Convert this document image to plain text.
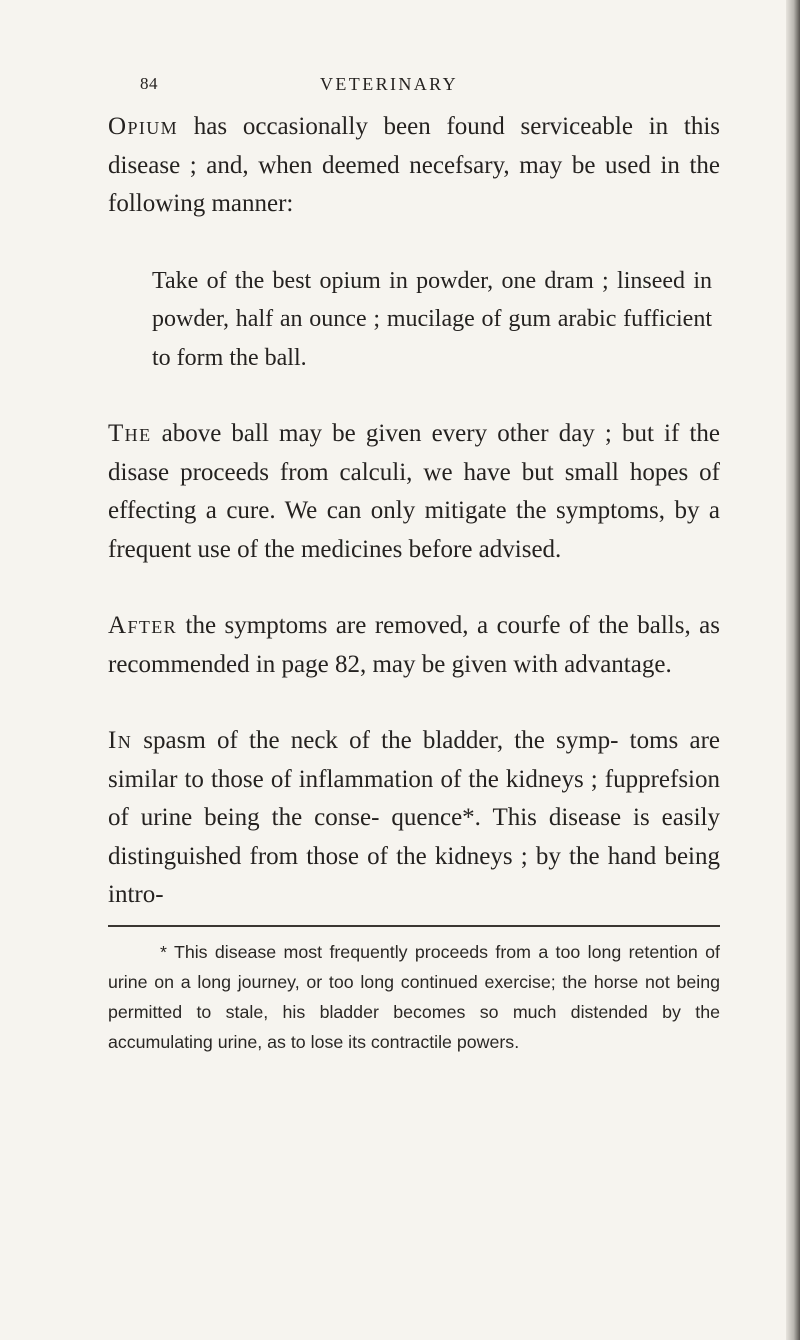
84	VETERINARY

Opium has occasionally been found serviceable in this disease ; and, when deemed necefsary, may be used in the following manner:

Take of the best opium in powder, one dram ; linseed in powder, half an ounce ; mucilage of gum arabic fufficient to form the ball.

The above ball may be given every other day ; but if the disase proceeds from calculi, we have but small hopes of effecting a cure. We can only mitigate the symptoms, by a frequent use of the medicines before advised.

After the symptoms are removed, a courfe of the balls, as recommended in page 82, may be given with advantage.

In spasm of the neck of the bladder, the symp- toms are similar to those of inflammation of the kidneys ; fupprefsion of urine being the conse- quence*. This disease is easily distinguished from those of the kidneys ; by the hand being intro-

* This disease most frequently proceeds from a too long retention of urine on a long journey, or too long continued exercise; the horse not being permitted to stale, his bladder becomes so much distended by the accumulating urine, as to lose its contractile powers.
